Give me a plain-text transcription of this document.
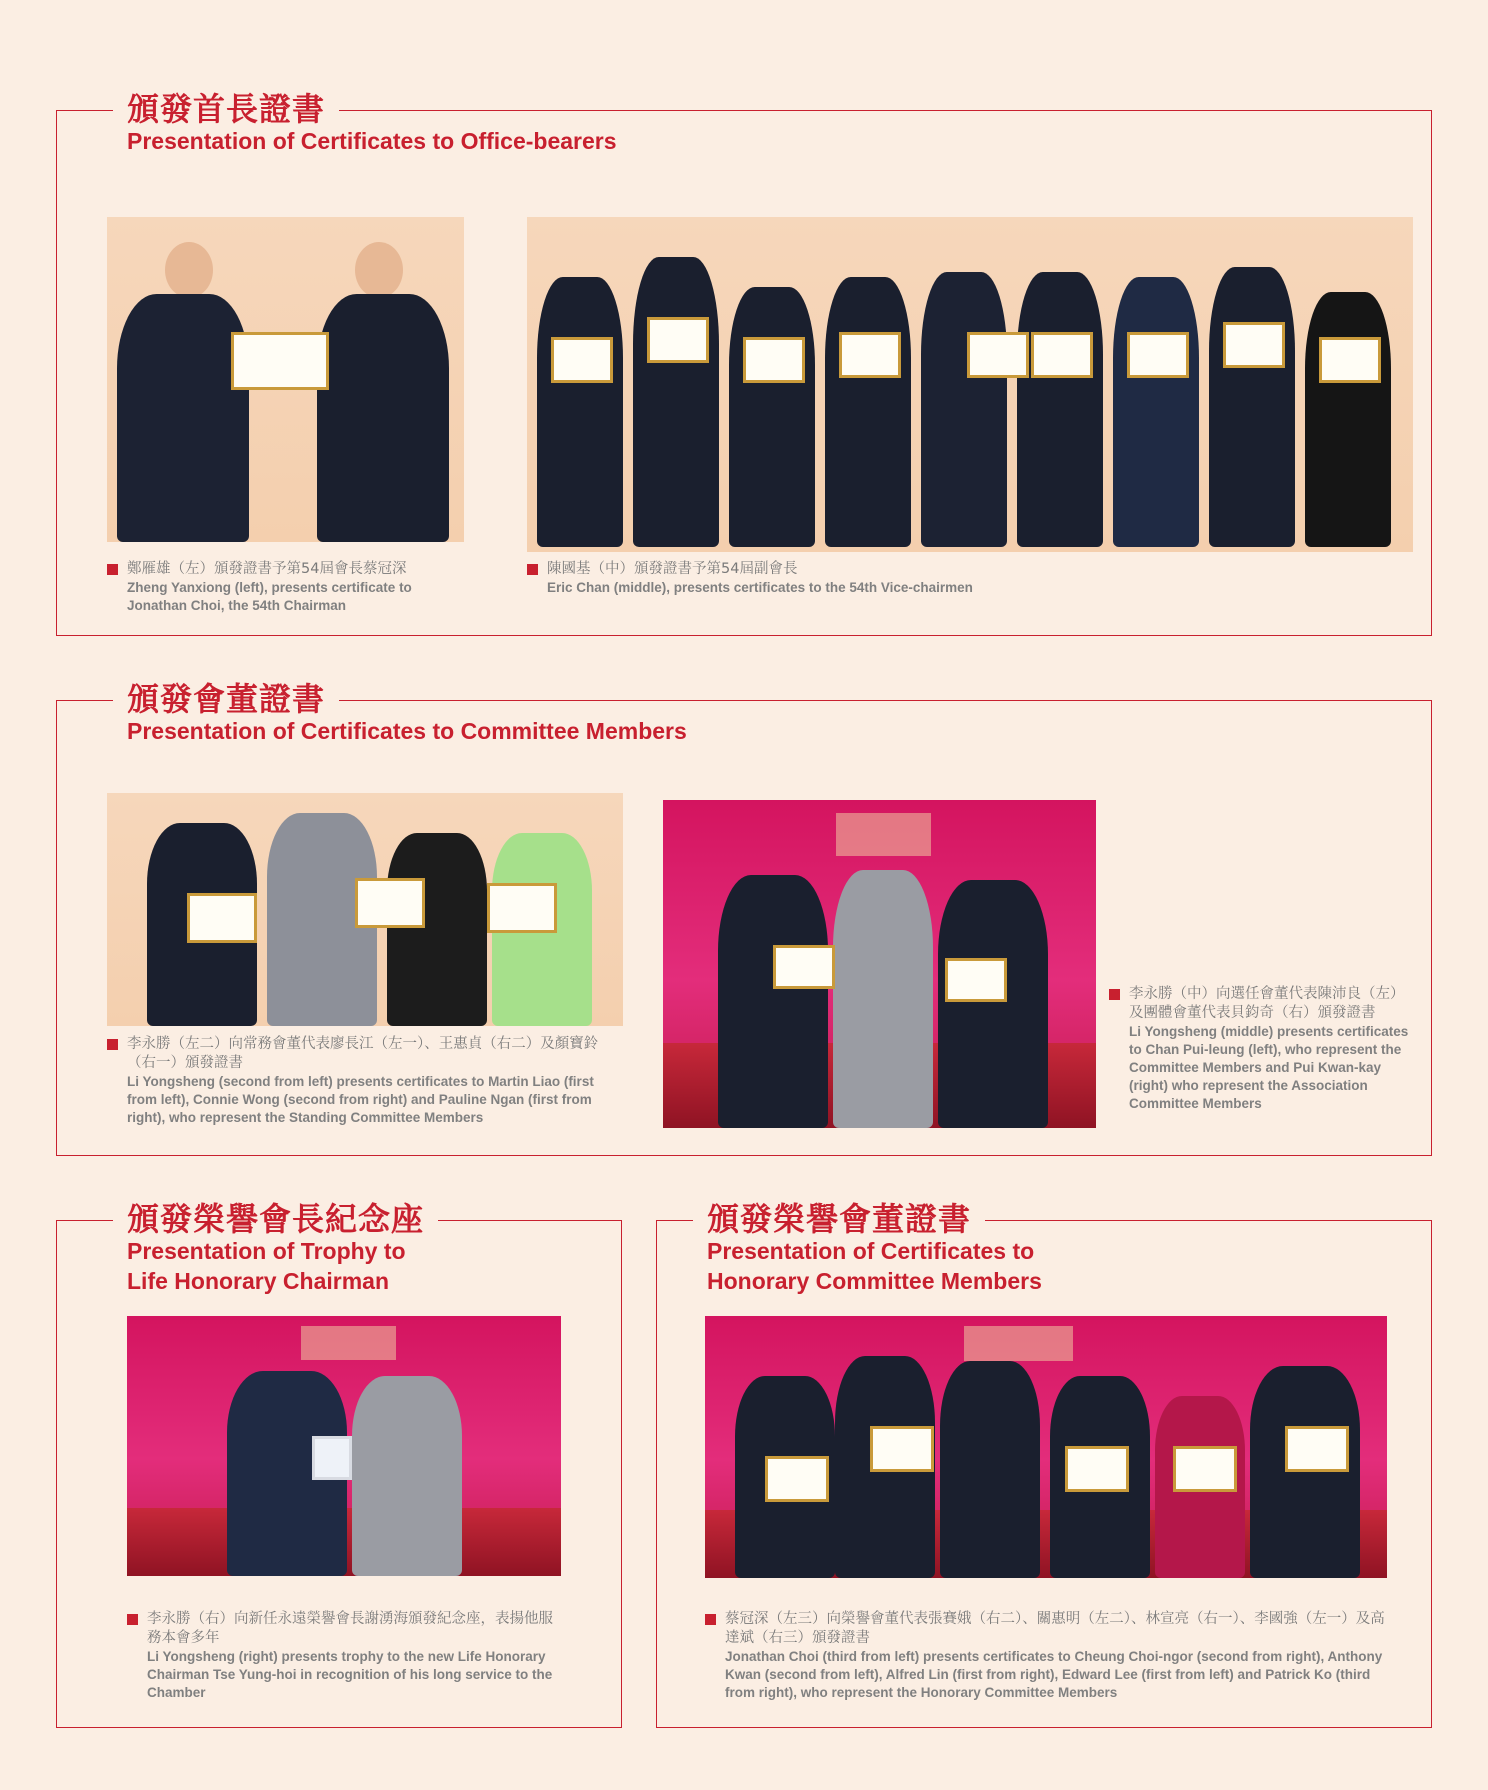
頒發首長證書
Presentation of Certificates to Office-bearers
鄭雁雄（左）頒發證書予第54屆會長蔡冠深
Zheng Yanxiong (left), presents certificate to Jonathan Choi, the 54th Chairman
陳國基（中）頒發證書予第54屆副會長
Eric Chan (middle), presents certificates to the 54th Vice-chairmen
頒發會董證書
Presentation of Certificates to Committee Members
李永勝（左二）向常務會董代表廖長江（左一）、王惠貞（右二）及顏寶鈴（右一）頒發證書
Li Yongsheng (second from left) presents certificates to Martin Liao (first from left), Connie Wong (second from right) and Pauline Ngan (first from right), who represent the Standing Committee Members
李永勝（中）向選任會董代表陳沛良（左）及團體會董代表貝鈞奇（右）頒發證書
Li Yongsheng (middle) presents certificates to Chan Pui-leung (left), who represent the Committee Members and Pui Kwan-kay (right) who represent the Association Committee Members
頒發榮譽會長紀念座
Presentation of Trophy to
Life Honorary Chairman
李永勝（右）向新任永遠榮譽會長謝湧海頒發紀念座，表揚他服務本會多年
Li Yongsheng (right) presents trophy to the new Life Honorary Chairman Tse Yung-hoi in recognition of his long service to the Chamber
頒發榮譽會董證書
Presentation of Certificates to
Honorary Committee Members
蔡冠深（左三）向榮譽會董代表張賽娥（右二）、關惠明（左二）、林宣亮（右一）、李國強（左一）及高達斌（右三）頒發證書
Jonathan Choi (third from left) presents certificates to Cheung Choi-ngor (second from right), Anthony Kwan (second from left), Alfred Lin (first from right), Edward Lee (first from left) and Patrick Ko (third from right), who represent the Honorary Committee Members
